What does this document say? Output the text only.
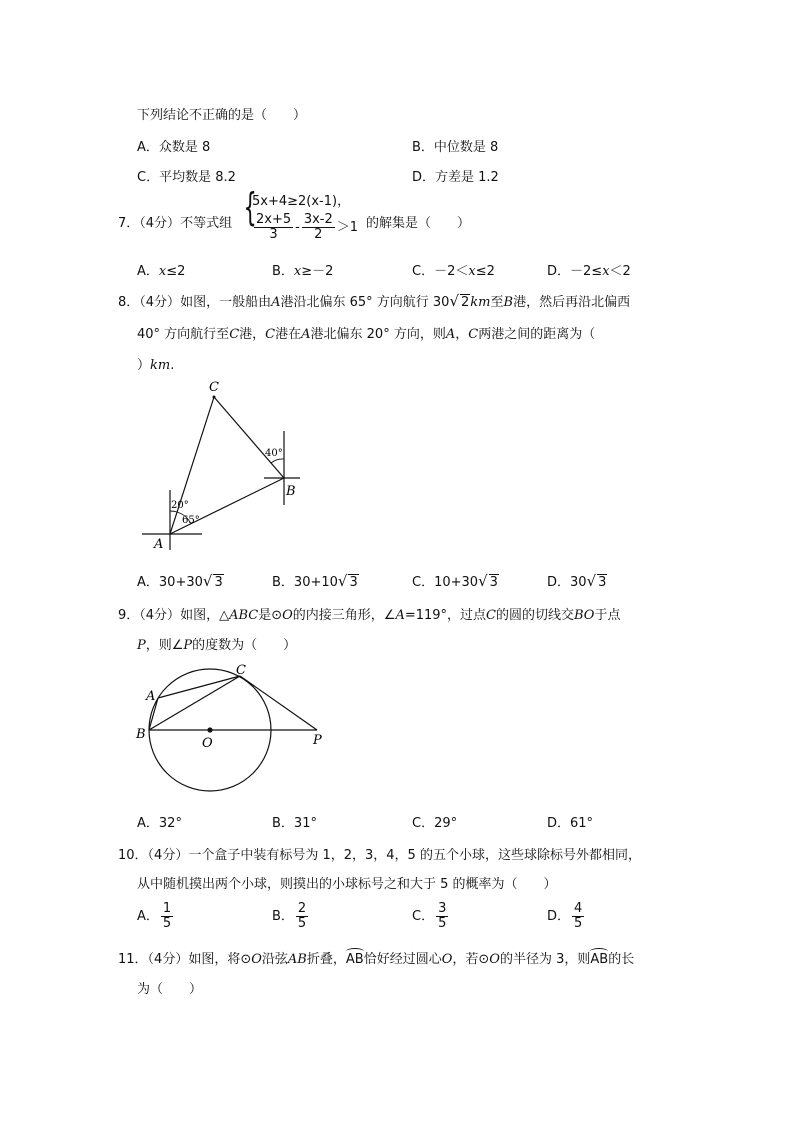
下列结论不正确的是（　　）
A．众数是 8	B．中位数是 8
C．平均数是 8.2	D．方差是 1.2
7．（4分）不等式组 {
5x+4≥2(x-1)，
$\frac{2x+5}{3} - \frac{3x-2}{2} >1$ 的解集是（　　）
A．x≤2	B．x≥－2	C．－2＜x≤2	D．－2≤x＜2
8．（4分）如图，一般船由A港沿北偏东 65° 方向航行 30√ 2km至B港，然后再沿北偏西
40° 方向航行至C港，C港在A港北偏东 20° 方向，则A，C两港之间的距离为（
）km.
C
B
A
40°
20°
65°
A．30+30√ 3	B．30+10√ 3	C．10+30√ 3	D．30√ 3
9．（4分）如图，△ABC是⊙O的内接三角形，∠A=119°，过点C的圆的切线交BO于点
P，则∠P的度数为（　　）
A
B
C
O	P
A．32°	B．31°	C．29°	D．61°
10．（4分）一个盒子中装有标号为 1，2，3，4，5 的五个小球，这些球除标号外都相同，
从中随机摸出两个小球，则摸出的小球标号之和大于 5 的概率为（　　）
A． $\frac{1}{5}$	B． $\frac{2}{5}$	C． $\frac{3}{5}$	D． $\frac{4}{5}$
11．（4分）如图，将⊙O沿弦AB折叠，AB恰好经过圆心O，若⊙O的半径为 3，则AB的长
为（　　）
